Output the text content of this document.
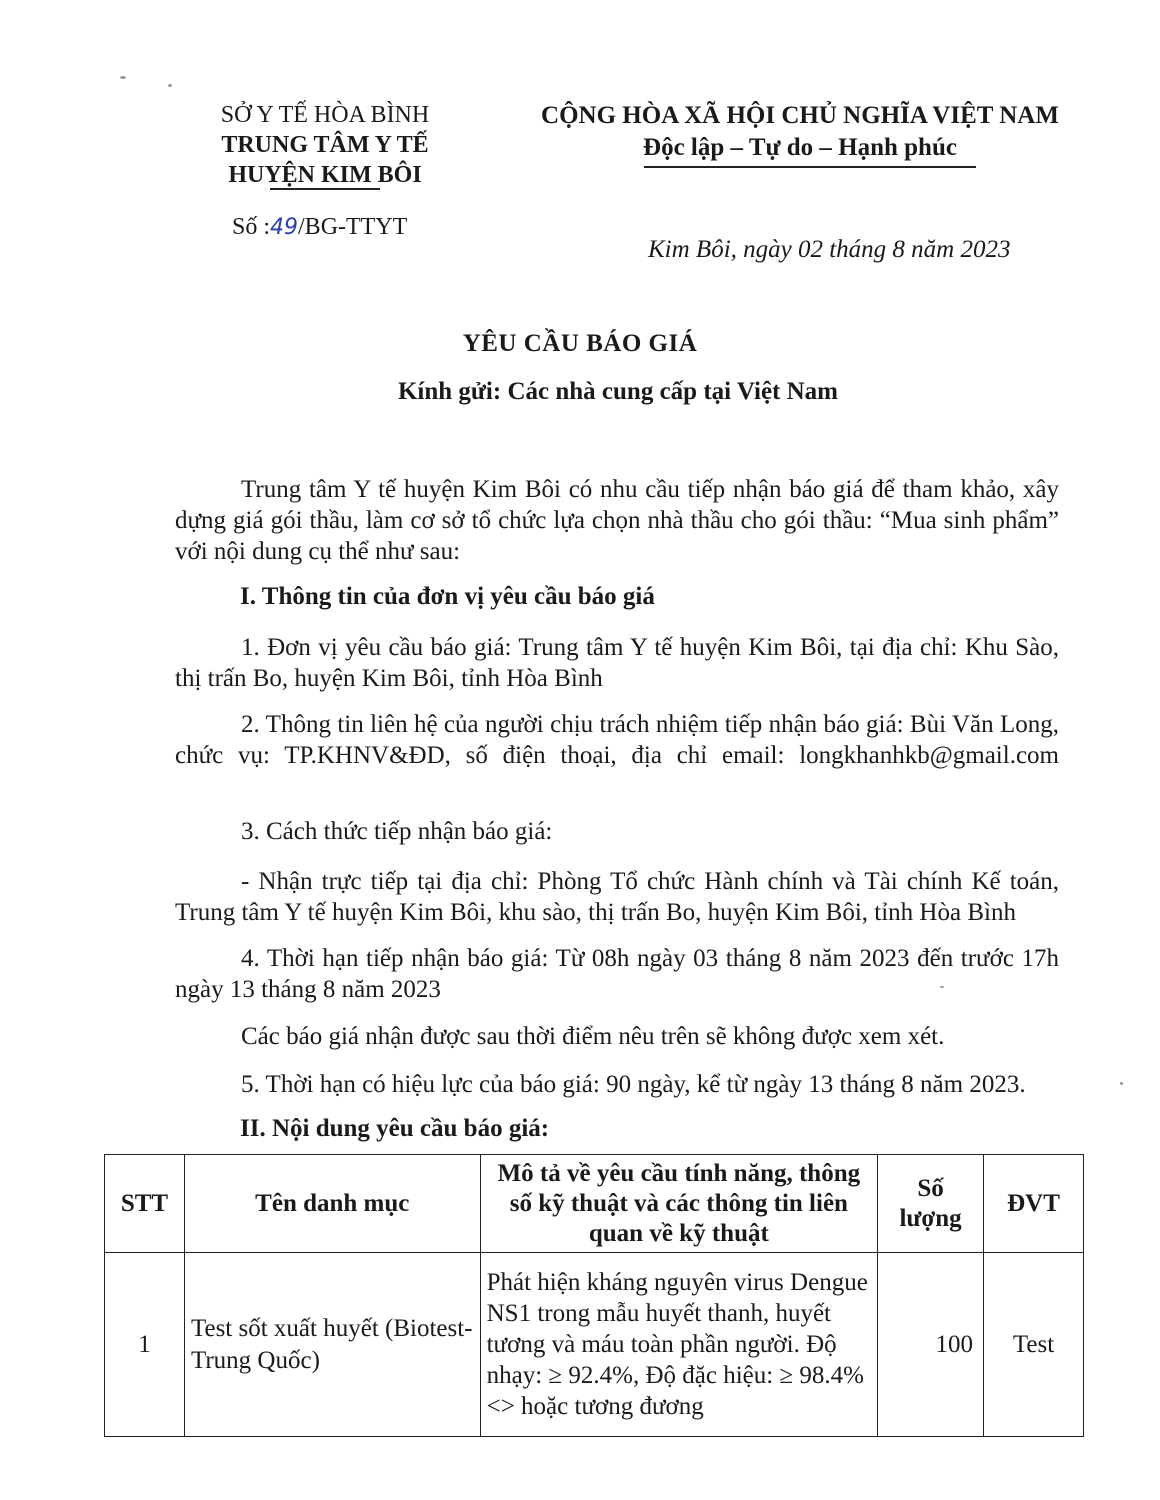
SỞ Y TẾ HÒA BÌNH
TRUNG TÂM Y TẾ
HUYỆN KIM BÔI
CỘNG HÒA XÃ HỘI CHỦ NGHĨA VIỆT NAM
Độc lập – Tự do – Hạnh phúc
Số :49/BG-TTYT
Kim Bôi, ngày 02 tháng 8 năm 2023
YÊU CẦU BÁO GIÁ
Kính gửi: Các nhà cung cấp tại Việt Nam
Trung tâm Y tế huyện Kim Bôi có nhu cầu tiếp nhận báo giá để tham khảo, xây dựng giá gói thầu, làm cơ sở tổ chức lựa chọn nhà thầu cho gói thầu: “Mua sinh phẩm” với nội dung cụ thể như sau:
I. Thông tin của đơn vị yêu cầu báo giá
1. Đơn vị yêu cầu báo giá: Trung tâm Y tế huyện Kim Bôi, tại địa chỉ: Khu Sào, thị trấn Bo, huyện Kim Bôi, tỉnh Hòa Bình
2. Thông tin liên hệ của người chịu trách nhiệm tiếp nhận báo giá: Bùi Văn Long, chức vụ: TP.KHNV&ĐD, số điện thoại, địa chỉ email: longkhanhkb@gmail.com
3. Cách thức tiếp nhận báo giá:
- Nhận trực tiếp tại địa chỉ: Phòng Tổ chức Hành chính và Tài chính Kế toán, Trung tâm Y tế huyện Kim Bôi, khu sào, thị trấn Bo, huyện Kim Bôi, tỉnh Hòa Bình
4. Thời hạn tiếp nhận báo giá: Từ 08h ngày 03 tháng 8 năm 2023 đến trước 17h ngày 13 tháng 8 năm 2023
Các báo giá nhận được sau thời điểm nêu trên sẽ không được xem xét.
5. Thời hạn có hiệu lực của báo giá: 90 ngày, kể từ ngày 13 tháng 8 năm 2023.
II. Nội dung yêu cầu báo giá:
STT	Tên danh mục	Mô tả về yêu cầu tính năng, thông số kỹ thuật và các thông tin liên quan về kỹ thuật	Số lượng	ĐVT
1	Test sốt xuất huyết (Biotest-Trung Quốc)	Phát hiện kháng nguyên virus Dengue NS1 trong mẫu huyết thanh, huyết tương và máu toàn phần người. Độ nhạy: ≥ 92.4%, Độ đặc hiệu: ≥ 98.4% <> hoặc tương đương	100	Test
